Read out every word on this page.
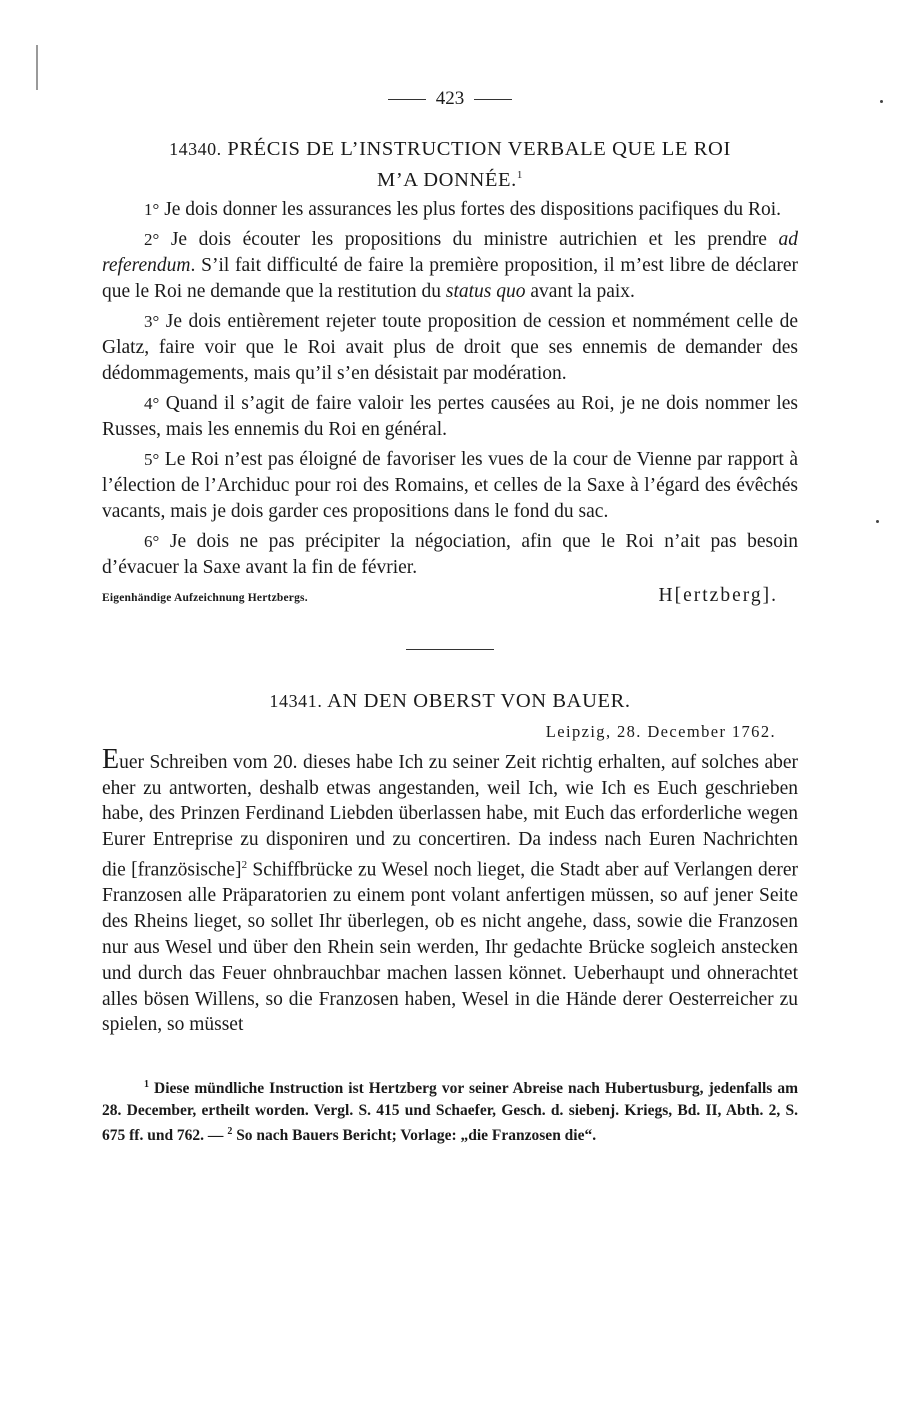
423
14340. PRÉCIS DE L’INSTRUCTION VERBALE QUE LE ROI
M’A DONNÉE.$^1$

1° Je dois donner les assurances les plus fortes des dispositions pacifiques du Roi.

2° Je dois écouter les propositions du ministre autrichien et les prendre ad referendum. S’il fait difficulté de faire la première proposition, il m’est libre de déclarer que le Roi ne demande que la restitution du status quo avant la paix.

3° Je dois entièrement rejeter toute proposition de cession et nommément celle de Glatz, faire voir que le Roi avait plus de droit que ses ennemis de demander des dédommagements, mais qu’il s’en désistait par modération.

4° Quand il s’agit de faire valoir les pertes causées au Roi, je ne dois nommer les Russes, mais les ennemis du Roi en général.

5° Le Roi n’est pas éloigné de favoriser les vues de la cour de Vienne par rapport à l’élection de l’Archiduc pour roi des Romains, et celles de la Saxe à l’égard des évêchés vacants, mais je dois garder ces propositions dans le fond du sac.

6° Je dois ne pas précipiter la négociation, afin que le Roi n’ait pas besoin d’évacuer la Saxe avant la fin de février.

Eigenhändige Aufzeichnung Hertzbergs.	H[ertzberg].
14341. AN DEN OBERST VON BAUER.
Leipzig, 28. December 1762.

Euer Schreiben vom 20. dieses habe Ich zu seiner Zeit richtig erhalten, auf solches aber eher zu antworten, deshalb etwas angestanden, weil Ich, wie Ich es Euch geschrieben habe, des Prinzen Ferdinand Liebden überlassen habe, mit Euch das erforderliche wegen Eurer Entreprise zu disponiren und zu concertiren. Da indess nach Euren Nachrichten die [französische]$^2$ Schiffbrücke zu Wesel noch lieget, die Stadt aber auf Verlangen derer Franzosen alle Präparatorien zu einem pont volant anfertigen müssen, so auf jener Seite des Rheins lieget, so sollet Ihr überlegen, ob es nicht angehe, dass, sowie die Franzosen nur aus Wesel und über den Rhein sein werden, Ihr gedachte Brücke sogleich anstecken und durch das Feuer ohnbrauchbar machen lassen könnet. Ueberhaupt und ohnerachtet alles bösen Willens, so die Franzosen haben, Wesel in die Hände derer Oesterreicher zu spielen, so müsset

$^1$ Diese mündliche Instruction ist Hertzberg vor seiner Abreise nach Hubertusburg, jedenfalls am 28. December, ertheilt worden. Vergl. S. 415 und Schaefer, Gesch. d. siebenj. Kriegs, Bd. II, Abth. 2, S. 675 ff. und 762. — $^2$ So nach Bauers Bericht; Vorlage: „die Franzosen die“.
